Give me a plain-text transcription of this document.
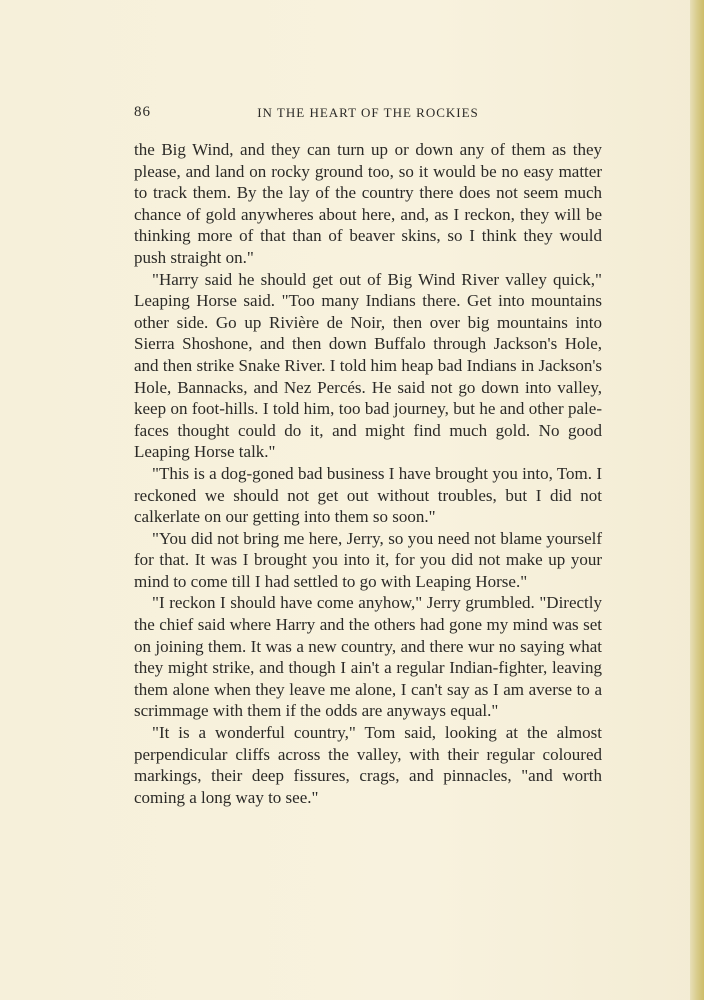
86	IN THE HEART OF THE ROCKIES

the Big Wind, and they can turn up or down any of them as they please, and land on rocky ground too, so it would be no easy matter to track them. By the lay of the country there does not seem much chance of gold anywheres about here, and, as I reckon, they will be thinking more of that than of beaver skins, so I think they would push straight on."

"Harry said he should get out of Big Wind River valley quick," Leaping Horse said. "Too many Indians there. Get into mountains other side. Go up Rivière de Noir, then over big mountains into Sierra Shoshone, and then down Buffalo through Jackson's Hole, and then strike Snake River. I told him heap bad Indians in Jackson's Hole, Bannacks, and Nez Percés. He said not go down into valley, keep on foot-hills. I told him, too bad journey, but he and other pale-faces thought could do it, and might find much gold. No good Leaping Horse talk."

"This is a dog-goned bad business I have brought you into, Tom. I reckoned we should not get out without troubles, but I did not calkerlate on our getting into them so soon."

"You did not bring me here, Jerry, so you need not blame yourself for that. It was I brought you into it, for you did not make up your mind to come till I had settled to go with Leaping Horse."

"I reckon I should have come anyhow," Jerry grumbled. "Directly the chief said where Harry and the others had gone my mind was set on joining them. It was a new country, and there wur no saying what they might strike, and though I ain't a regular Indian-fighter, leaving them alone when they leave me alone, I can't say as I am averse to a scrimmage with them if the odds are anyways equal."

"It is a wonderful country," Tom said, looking at the almost perpendicular cliffs across the valley, with their regular coloured markings, their deep fissures, crags, and pinnacles, "and worth coming a long way to see."
